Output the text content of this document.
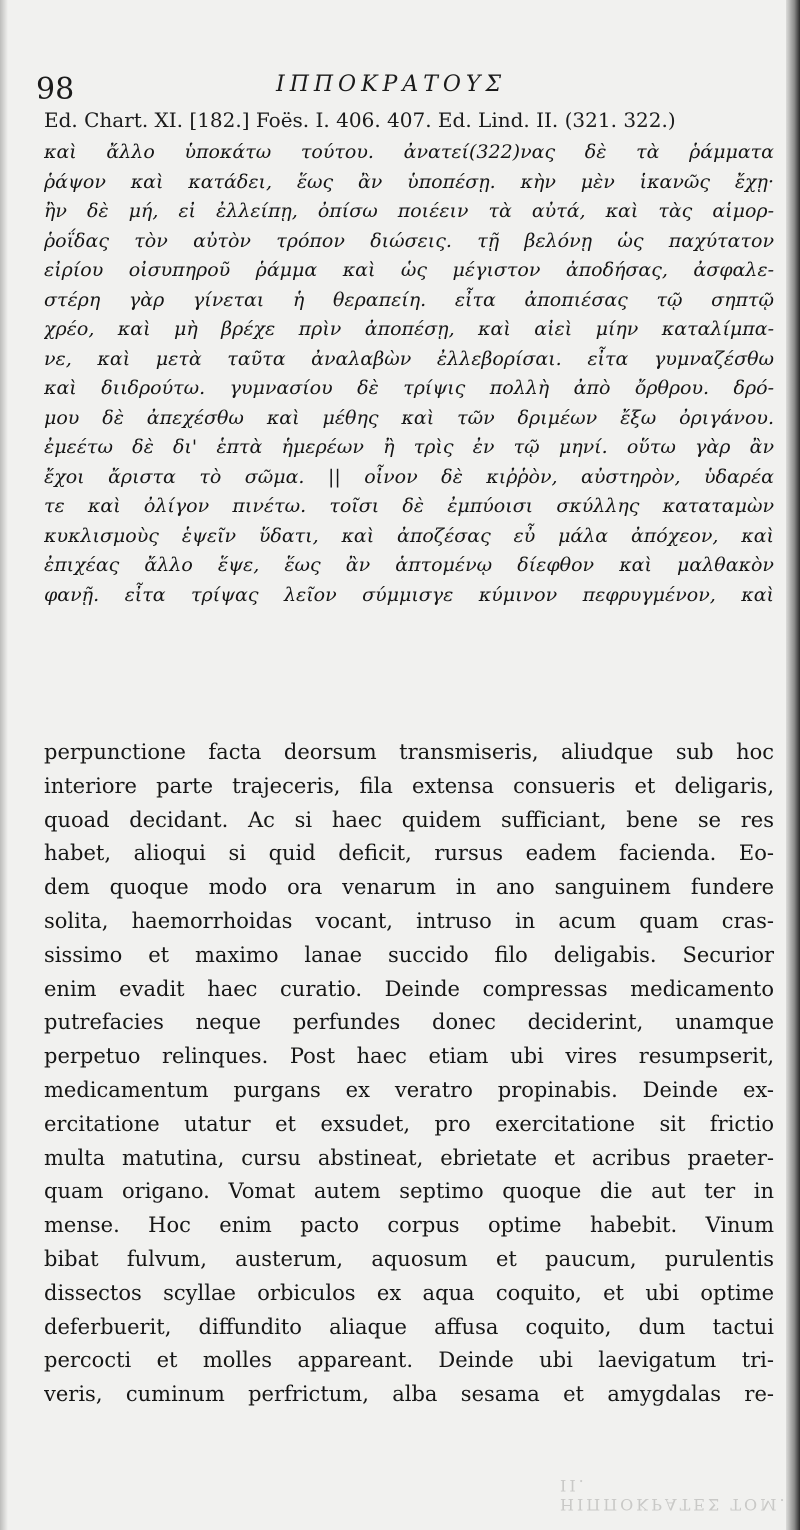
98	ΙΠΠΟΚΡΑΤΟΥΣ
Ed. Chart. XI. [182.] Foës. I. 406. 407. Ed. Lind. II. (321. 322.)
καὶ ἄλλο ὑποκάτω τούτου. ἀνατεί(322)νας δὲ τὰ ῥάμματα
ῥάψον καὶ κατάδει, ἕως ἂν ὑποπέσῃ. κὴν μὲν ἱκανῶς ἔχῃ·
ἢν δὲ μή, εἰ ἐλλείπῃ, ὀπίσω ποιέειν τὰ αὐτά, καὶ τὰς αἱμορ-
ῥοΐδας τὸν αὐτὸν τρόπον διώσεις. τῇ βελόνῃ ὡς παχύτατον
εἰρίου οἰσυπηροῦ ῥάμμα καὶ ὡς μέγιστον ἀποδήσας, ἀσφαλε-
στέρη γὰρ γίνεται ἡ θεραπείη. εἶτα ἀποπιέσας τῷ σηπτῷ
χρέο, καὶ μὴ βρέχε πρὶν ἀποπέσῃ, καὶ αἰεὶ μίην καταλίμπα-
νε, καὶ μετὰ ταῦτα ἀναλαβὼν ἐλλεβορίσαι. εἶτα γυμναζέσθω
καὶ διιδρούτω. γυμνασίου δὲ τρίψις πολλὴ ἀπὸ ὄρθρου. δρό-
μου δὲ ἀπεχέσθω καὶ μέθης καὶ τῶν δριμέων ἔξω ὀριγάνου.
ἐμεέτω δὲ δι' ἑπτὰ ἡμερέων ἢ τρὶς ἐν τῷ μηνί. οὕτω γὰρ ἂν
ἔχοι ἄριστα τὸ σῶμα. || οἶνον δὲ κιῤῥὸν, αὐστηρὸν, ὑδαρέα
τε καὶ ὀλίγον πινέτω. τοῖσι δὲ ἐμπύοισι σκύλλης καταταμὼν
κυκλισμοὺς ἑψεῖν ὕδατι, καὶ ἀποζέσας εὖ μάλα ἀπόχεον, καὶ
ἐπιχέας ἄλλο ἕψε, ἕως ἂν ἁπτομένῳ δίεφθον καὶ μαλθακὸν
φανῇ. εἶτα τρίψας λεῖον σύμμισγε κύμινον πεφρυγμένον, καὶ
perpunctione facta deorsum transmiseris, aliudque sub hoc
interiore parte trajeceris, fila extensa consueris et deligaris,
quoad decidant. Ac si haec quidem sufficiant, bene se res
habet, alioqui si quid deficit, rursus eadem facienda. Eo-
dem quoque modo ora venarum in ano sanguinem fundere
solita, haemorrhoidas vocant, intruso in acum quam cras-
sissimo et maximo lanae succido filo deligabis. Securior
enim evadit haec curatio. Deinde compressas medicamento
putrefacies neque perfundes donec deciderint, unamque
perpetuo relinques. Post haec etiam ubi vires resumpserit,
medicamentum purgans ex veratro propinabis. Deinde ex-
ercitatione utatur et exsudet, pro exercitatione sit frictio
multa matutina, cursu abstineat, ebrietate et acribus praeter-
quam origano. Vomat autem septimo quoque die aut ter in
mense. Hoc enim pacto corpus optime habebit. Vinum
bibat fulvum, austerum, aquosum et paucum, purulentis
dissectos scyllae orbiculos ex aqua coquito, et ubi optime
deferbuerit, diffundito aliaque affusa coquito, dum tactui
percocti et molles appareant. Deinde ubi laevigatum tri-
veris, cuminum perfrictum, alba sesama et amygdalas re-
ΗΙΠΠΟΚΡΑΤΕΣ ΤΟΜ. ΙΙ.
